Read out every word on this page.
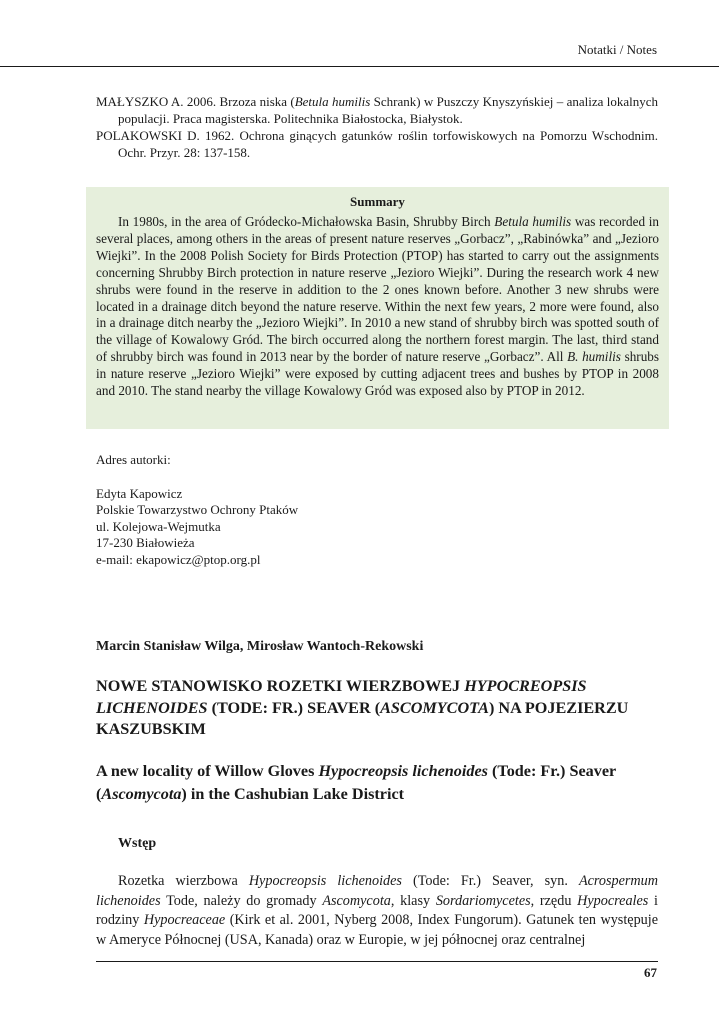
Notatki / Notes
MAŁYSZKO A. 2006. Brzoza niska (Betula humilis Schrank) w Puszczy Knyszyńskiej – analiza lokalnych populacji. Praca magisterska. Politechnika Białostocka, Białystok.
POLAKOWSKI D. 1962. Ochrona ginących gatunków roślin torfowiskowych na Pomorzu Wschodnim. Ochr. Przyr. 28: 137-158.
Summary
In 1980s, in the area of Gródecko-Michałowska Basin, Shrubby Birch Betula humilis was recorded in several places, among others in the areas of present nature reserves „Gorbacz”, „Rabinówka” and „Jezioro Wiejki”. In the 2008 Polish Society for Birds Protection (PTOP) has started to carry out the assignments concerning Shrubby Birch protection in nature reserve „Jezioro Wiejki”. During the research work 4 new shrubs were found in the reserve in addition to the 2 ones known before. Another 3 new shrubs were located in a drainage ditch beyond the nature reserve. Within the next few years, 2 more were found, also in a drainage ditch nearby the „Jezioro Wiejki”. In 2010 a new stand of shrubby birch was spotted south of the village of Kowalowy Gród. The birch occurred along the northern forest margin. The last, third stand of shrubby birch was found in 2013 near by the border of nature reserve „Gorbacz”. All B. humilis shrubs in nature reserve „Jezioro Wiejki” were exposed by cutting adjacent trees and bushes by PTOP in 2008 and 2010. The stand nearby the village Kowalowy Gród was exposed also by PTOP in 2012.
Adres autorki:
Edyta Kapowicz
Polskie Towarzystwo Ochrony Ptaków
ul. Kolejowa-Wejmutka
17-230 Białowieża
e-mail: ekapowicz@ptop.org.pl
Marcin Stanisław Wilga, Mirosław Wantoch-Rekowski
NOWE STANOWISKO ROZETKI WIERZBOWEJ HYPOCREOPSIS LICHENOIDES (TODE: FR.) SEAVER (ASCOMYCOTA) NA POJEZIERZU KASZUBSKIM
A new locality of Willow Gloves Hypocreopsis lichenoides (Tode: Fr.) Seaver (Ascomycota) in the Cashubian Lake District
Wstęp
Rozetka wierzbowa Hypocreopsis lichenoides (Tode: Fr.) Seaver, syn. Acrospermum lichenoides Tode, należy do gromady Ascomycota, klasy Sordariomycetes, rzędu Hypocreales i rodziny Hypocreaceae (Kirk et al. 2001, Nyberg 2008, Index Fungorum). Gatunek ten występuje w Ameryce Północnej (USA, Kanada) oraz w Europie, w jej północnej oraz centralnej
67
